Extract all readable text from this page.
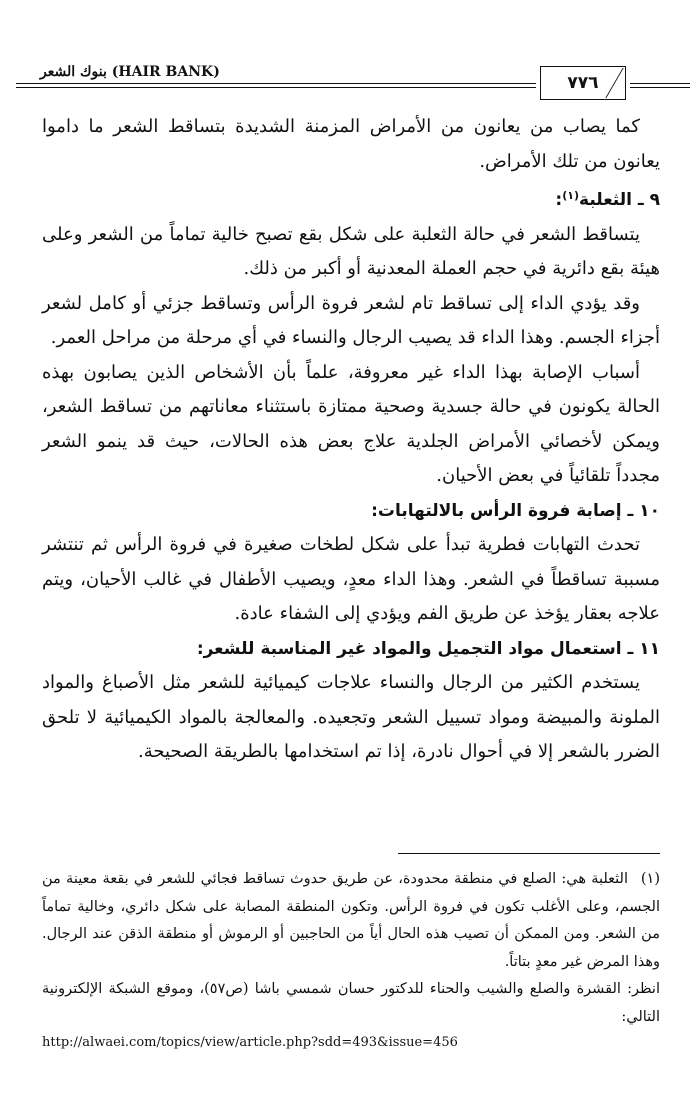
بنوك الشعر (HAIR BANK)
٧٧٦

كما يصاب من يعانون من الأمراض المزمنة الشديدة بتساقط الشعر ما داموا يعانون من تلك الأمراض.

٩ ـ الثعلبة$^{(١)}$:

يتساقط الشعر في حالة الثعلبة على شكل بقع تصبح خالية تماماً من الشعر وعلى هيئة بقع دائرية في حجم العملة المعدنية أو أكبر من ذلك.

وقد يؤدي الداء إلى تساقط تام لشعر فروة الرأس وتساقط جزئي أو كامل لشعر أجزاء الجسم. وهذا الداء قد يصيب الرجال والنساء في أي مرحلة من مراحل العمر.

أسباب الإصابة بهذا الداء غير معروفة، علماً بأن الأشخاص الذين يصابون بهذه الحالة يكونون في حالة جسدية وصحية ممتازة باستثناء معاناتهم من تساقط الشعر، ويمكن لأخصائي الأمراض الجلدية علاج بعض هذه الحالات، حيث قد ينمو الشعر مجدداً تلقائياً في بعض الأحيان.

١٠ ـ إصابة فروة الرأس بالالتهابات:

تحدث التهابات فطرية تبدأ على شكل لطخات صغيرة في فروة الرأس ثم تنتشر مسببة تساقطاً في الشعر. وهذا الداء معدٍ، ويصيب الأطفال في غالب الأحيان، ويتم علاجه بعقار يؤخذ عن طريق الفم ويؤدي إلى الشفاء عادة.

١١ ـ استعمال مواد التجميل والمواد غير المناسبة للشعر:

يستخدم الكثير من الرجال والنساء علاجات كيميائية للشعر مثل الأصباغ والمواد الملونة والمبيضة ومواد تسييل الشعر وتجعيده. والمعالجة بالمواد الكيميائية لا تلحق الضرر بالشعر إلا في أحوال نادرة، إذا تم استخدامها بالطريقة الصحيحة.

(١)الثعلبة هي: الصلع في منطقة محدودة، عن طريق حدوث تساقط فجائي للشعر في بقعة معينة من الجسم، وعلى الأغلب تكون في فروة الرأس. وتكون المنطقة المصابة على شكل دائري، وخالية تماماً من الشعر. ومن الممكن أن تصيب هذه الحال أياً من الحاجبين أو الرموش أو منطقة الذقن عند الرجال. وهذا المرض غير معدٍ بتاتاً.

انظر: القشرة والصلع والشيب والحناء للدكتور حسان شمسي باشا (ص٥٧)، وموقع الشبكة الإلكترونية التالي:

http://alwaei.com/topics/view/article.php?sdd=493&issue=456
